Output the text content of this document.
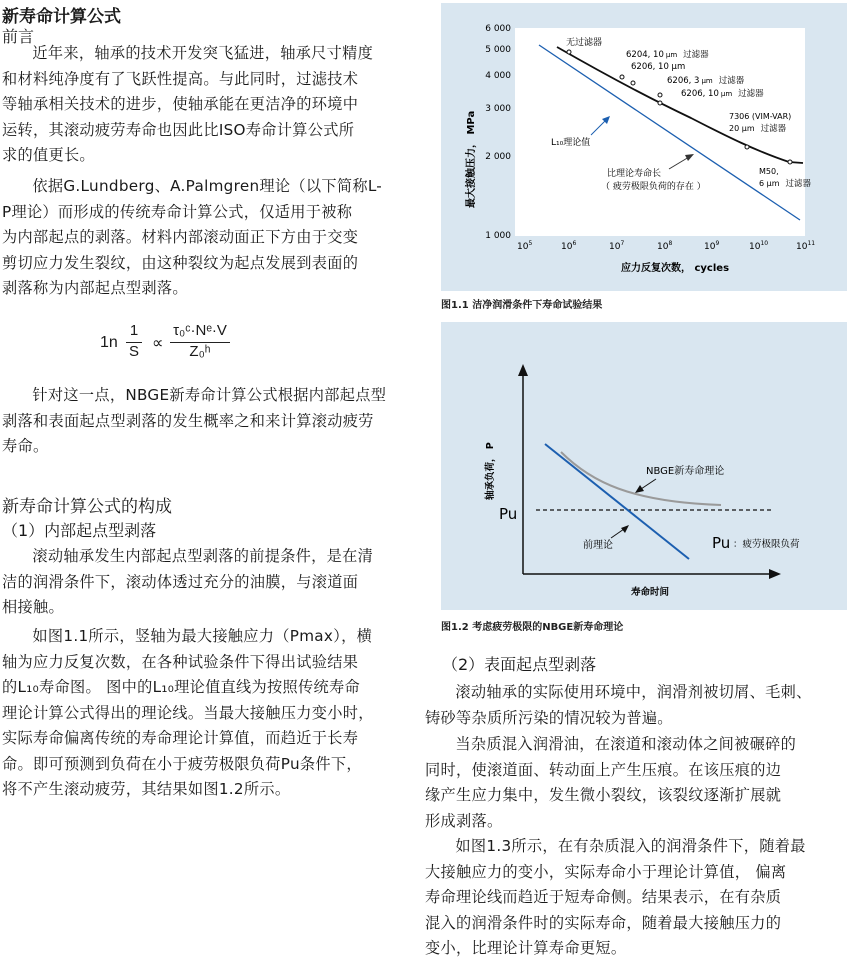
新寿命计算公式
前言
近年来，轴承的技术开发突飞猛进，轴承尺寸精度
和材料纯净度有了飞跃性提高。与此同时，过滤技术
等轴承相关技术的进步，使轴承能在更洁净的环境中
运转，其滚动疲劳寿命也因此比ISO寿命计算公式所
求的值更长。
依据G.Lundberg、A.Palmgren理论（以下简称L-
P理论）而形成的传统寿命计算公式，仅适用于被称
为内部起点的剥落。材料内部滚动面正下方由于交变
剪切应力发生裂纹，由这种裂纹为起点发展到表面的
剥落称为内部起点型剥落。
1n
1
S ∝
τ₀ᶜ·Nᵉ·V
Z₀ʰ
针对这一点，NBGE新寿命计算公式根据内部起点型
剥落和表面起点型剥落的发生概率之和来计算滚动疲劳
寿命。
新寿命计算公式的构成
（1）内部起点型剥落
滚动轴承发生内部起点型剥落的前提条件，是在清
洁的润滑条件下，滚动体透过充分的油膜，与滚道面
相接触。
如图1.1所示，竖轴为最大接触应力（Pmax），横
轴为应力反复次数，在各种试验条件下得出试验结果
的L₁₀寿命图。 图中的L₁₀理论值直线为按照传统寿命
理论计算公式得出的理论线。当最大接触压力变小时，
实际寿命偏离传统的寿命理论计算值，而趋近于长寿
命。即可预测到负荷在小于疲劳极限负荷Pu条件下，
将不产生滚动疲劳，其结果如图1.2所示。
6 000
5 000
4 000
3 000
2 000
1 000
$10^5$	$10^6$	$10^7$	$10^8$	$10^9$	$10^{10}$	$10^{11}$
最大接触压力， MPa
应力反复次数， cycles
无过滤器
6204, 10 μm 过滤器
6206, 10 μm
6206, 3 μm 过滤器
6206, 10 μm 过滤器
7306 (VIM-VAR)
20 μm 过滤器
M50,
6 μm 过滤器
L₁₀理论值
比理论寿命长
（ 疲劳极限负荷的存在 ）
图1.1 洁净润滑条件下寿命试验结果
轴承负荷， P
寿命时间
Pu
NBGE新寿命理论
前理论	Pu ：疲劳极限负荷
图1.2 考虑疲劳极限的NBGE新寿命理论
（2）表面起点型剥落
滚动轴承的实际使用环境中，润滑剂被切屑、毛刺、
铸砂等杂质所污染的情况较为普遍。
当杂质混入润滑油，在滚道和滚动体之间被碾碎的
同时，使滚道面、转动面上产生压痕。在该压痕的边
缘产生应力集中，发生微小裂纹，该裂纹逐渐扩展就
形成剥落。
如图1.3所示，在有杂质混入的润滑条件下，随着最
大接触应力的变小，实际寿命小于理论计算值， 偏离
寿命理论线而趋近于短寿命侧。结果表示，在有杂质
混入的润滑条件时的实际寿命，随着最大接触压力的
变小，比理论计算寿命更短。
